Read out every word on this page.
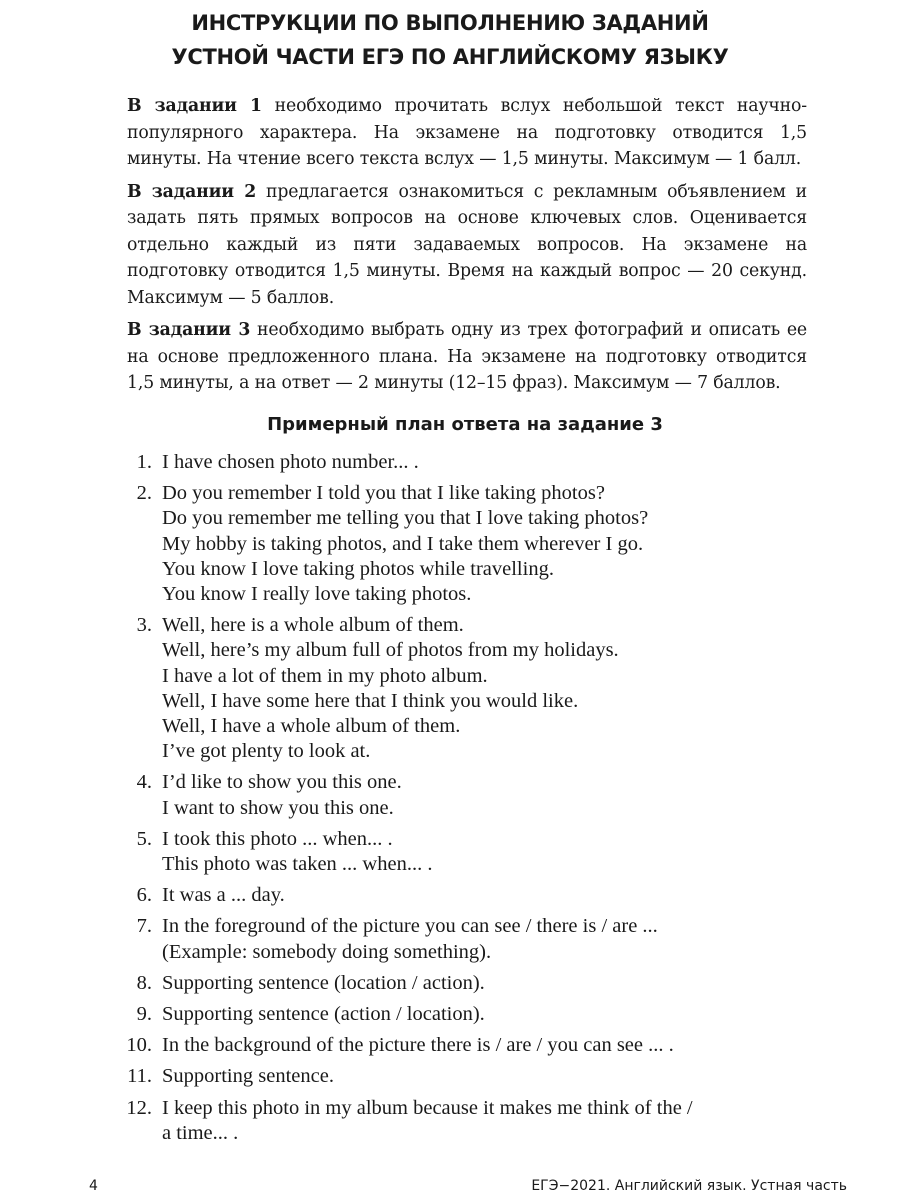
ИНСТРУКЦИИ ПО ВЫПОЛНЕНИЮ ЗАДАНИЙ
УСТНОЙ ЧАСТИ ЕГЭ ПО АНГЛИЙСКОМУ ЯЗЫКУ

В задании 1 необходимо прочитать вслух небольшой текст научно-популярного характера. На экзамене на подготовку отводится 1,5 минуты. На чтение всего текста вслух — 1,5 минуты. Максимум — 1 балл.

В задании 2 предлагается ознакомиться с рекламным объявлением и задать пять прямых вопросов на основе ключевых слов. Оценивается отдельно каждый из пяти задаваемых вопросов. На экзамене на подготовку отводится 1,5 минуты. Время на каждый вопрос — 20 секунд. Максимум — 5 баллов.

В задании 3 необходимо выбрать одну из трех фотографий и описать ее на основе предложенного плана. На экзамене на подготовку отводится 1,5 минуты, а на ответ — 2 минуты (12–15 фраз). Максимум — 7 баллов.

Примерный план ответа на задание 3
1. I have chosen photo number... .
2. Do you remember I told you that I like taking photos?
Do you remember me telling you that I love taking photos?
My hobby is taking photos, and I take them wherever I go.
You know I love taking photos while travelling.
You know I really love taking photos.
3. Well, here is a whole album of them.
Well, here’s my album full of photos from my holidays.
I have a lot of them in my photo album.
Well, I have some here that I think you would like.
Well, I have a whole album of them.
I’ve got plenty to look at.
4. I’d like to show you this one.
I want to show you this one.
5. I took this photo ... when... .
This photo was taken ... when... .
6. It was a ... day.
7. In the foreground of the picture you can see / there is / are ...
(Example: somebody doing something).
8. Supporting sentence (location / action).
9. Supporting sentence (action / location).
10. In the background of the picture there is / are / you can see ... .
11. Supporting sentence.
12. I keep this photo in my album because it makes me think of the /
a time... .
4	ЕГЭ−2021. Английский язык. Устная часть
